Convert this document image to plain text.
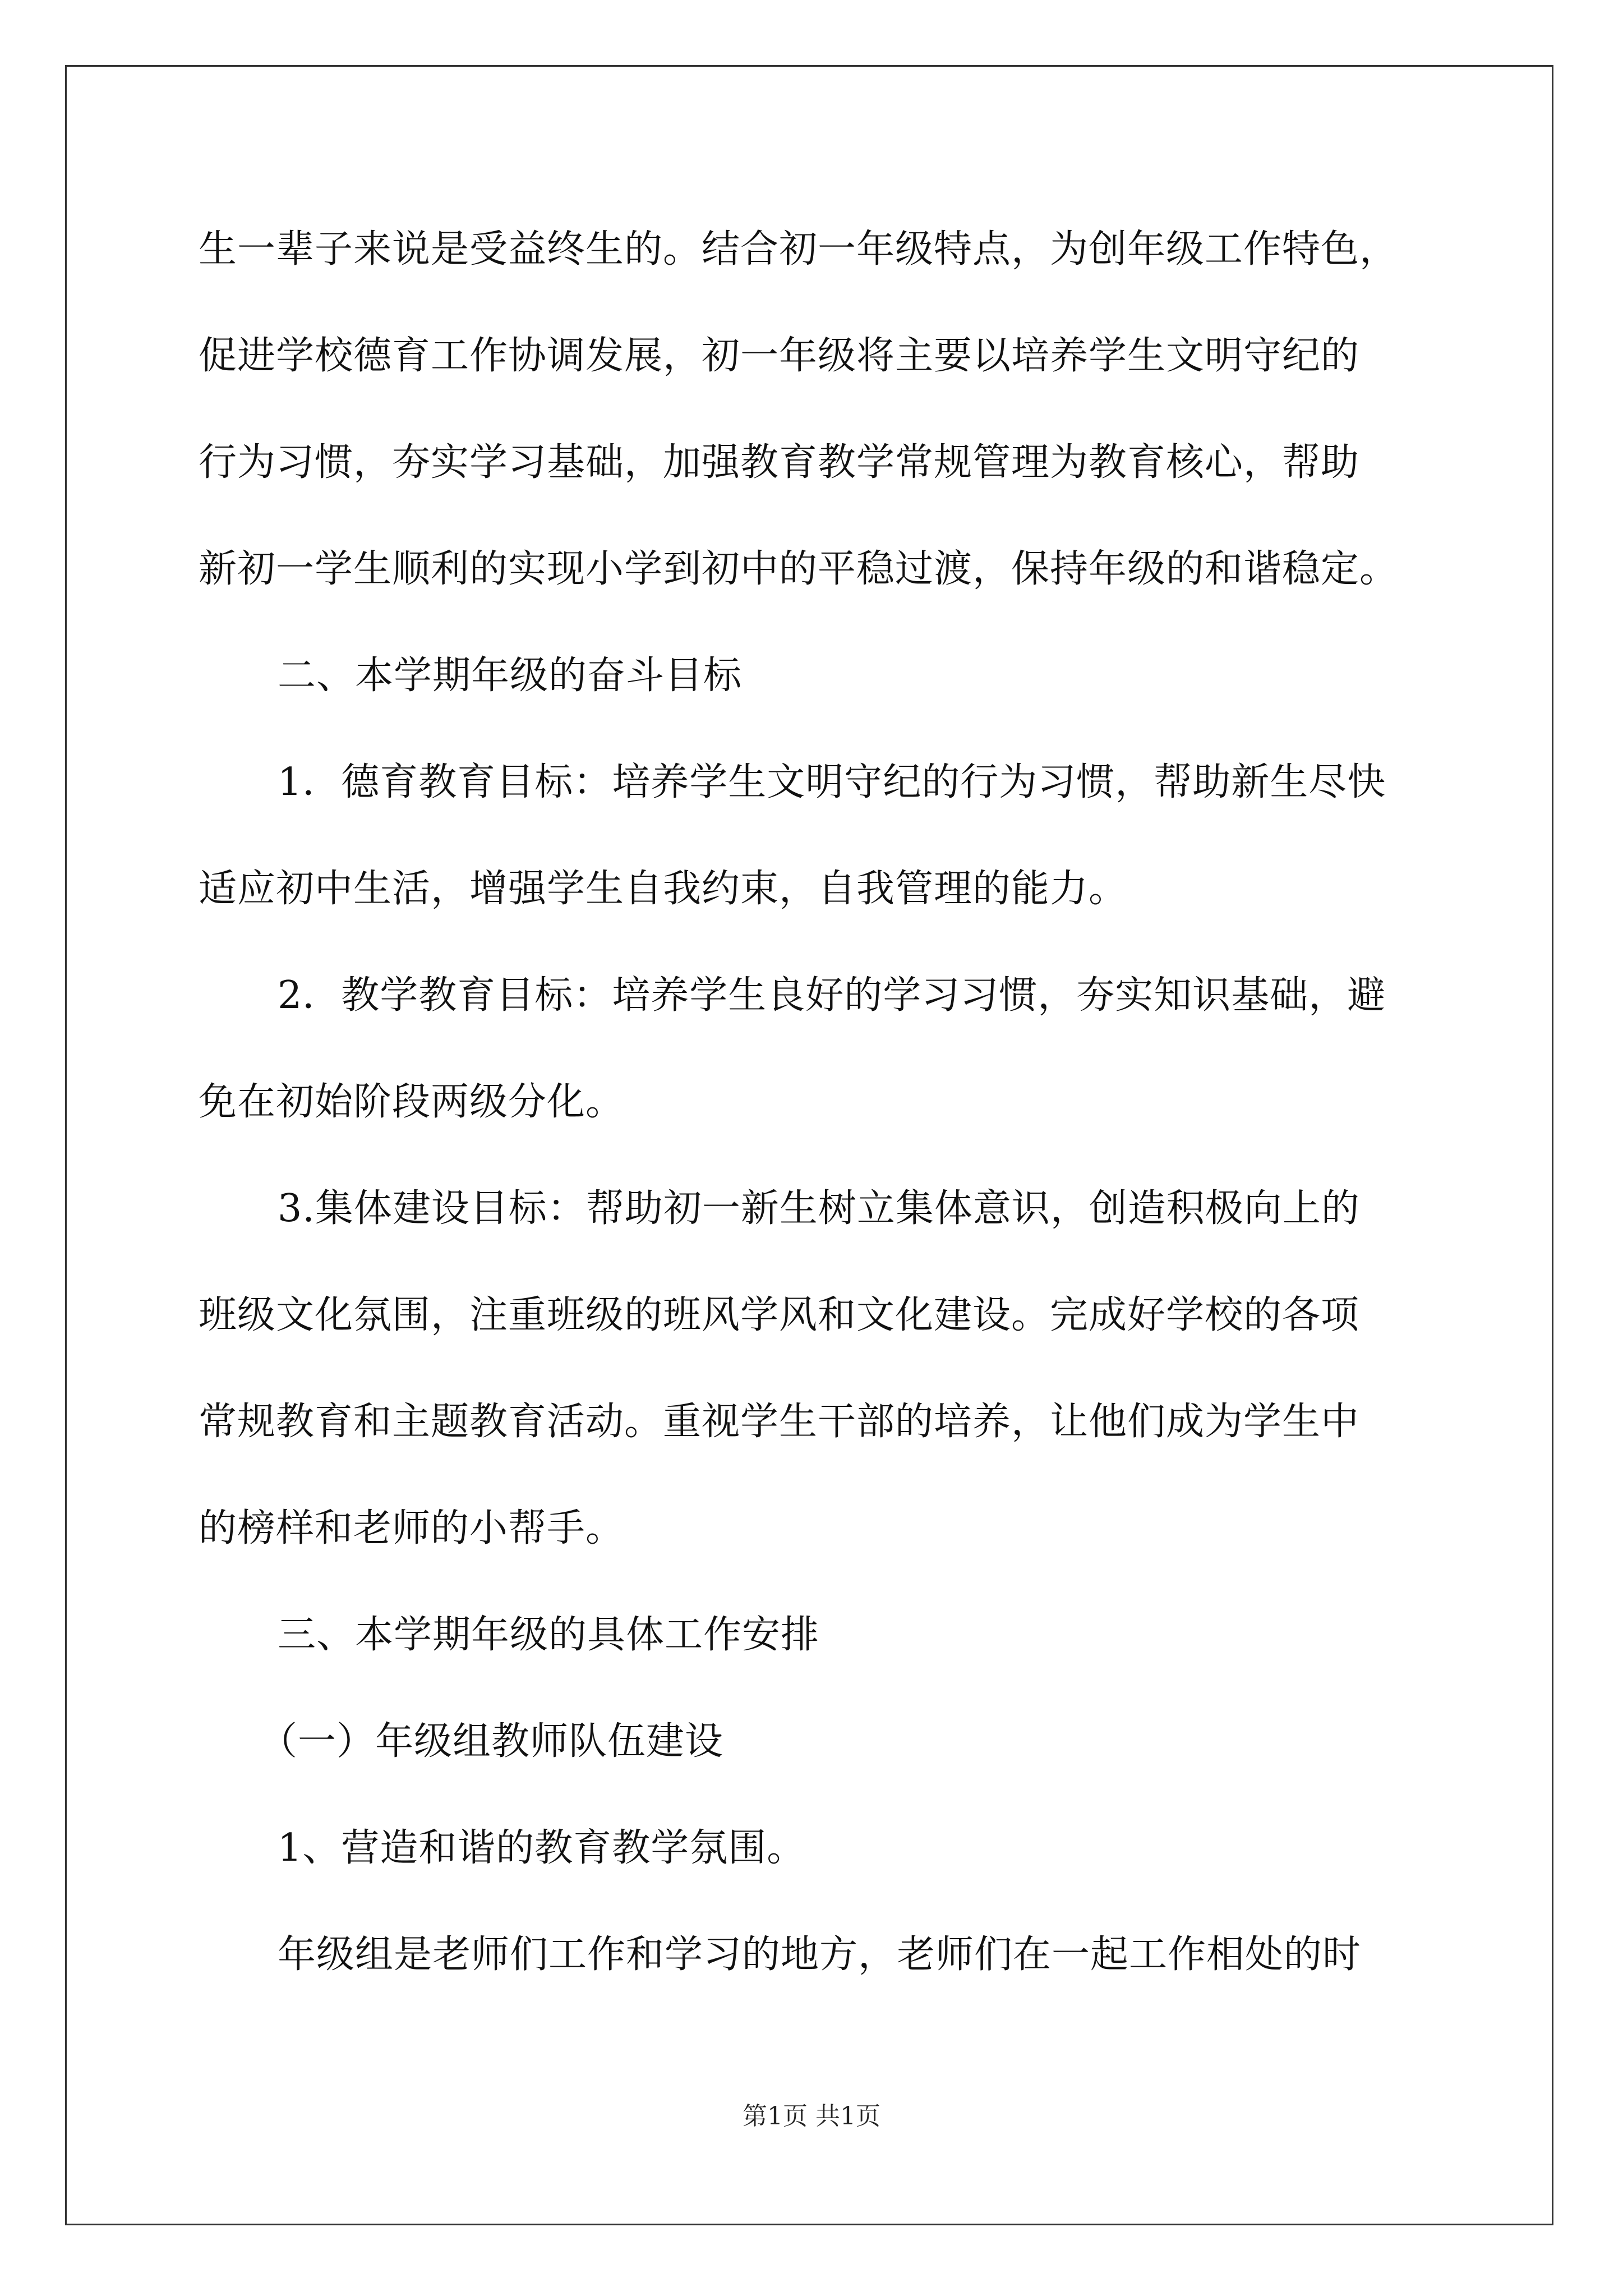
生一辈子来说是受益终生的。结合初一年级特点，为创年级工作特色，
促进学校德育工作协调发展，初一年级将主要以培养学生文明守纪的
行为习惯，夯实学习基础，加强教育教学常规管理为教育核心，帮助
新初一学生顺利的实现小学到初中的平稳过渡，保持年级的和谐稳定。
二、本学期年级的奋斗目标
1．德育教育目标：培养学生文明守纪的行为习惯，帮助新生尽快
适应初中生活，增强学生自我约束，自我管理的能力。
2．教学教育目标：培养学生良好的学习习惯，夯实知识基础，避
免在初始阶段两级分化。
3.集体建设目标：帮助初一新生树立集体意识，创造积极向上的
班级文化氛围，注重班级的班风学风和文化建设。完成好学校的各项
常规教育和主题教育活动。重视学生干部的培养，让他们成为学生中
的榜样和老师的小帮手。
三、本学期年级的具体工作安排
（一）年级组教师队伍建设
1、营造和谐的教育教学氛围。
年级组是老师们工作和学习的地方，老师们在一起工作相处的时
第1页 共1页
